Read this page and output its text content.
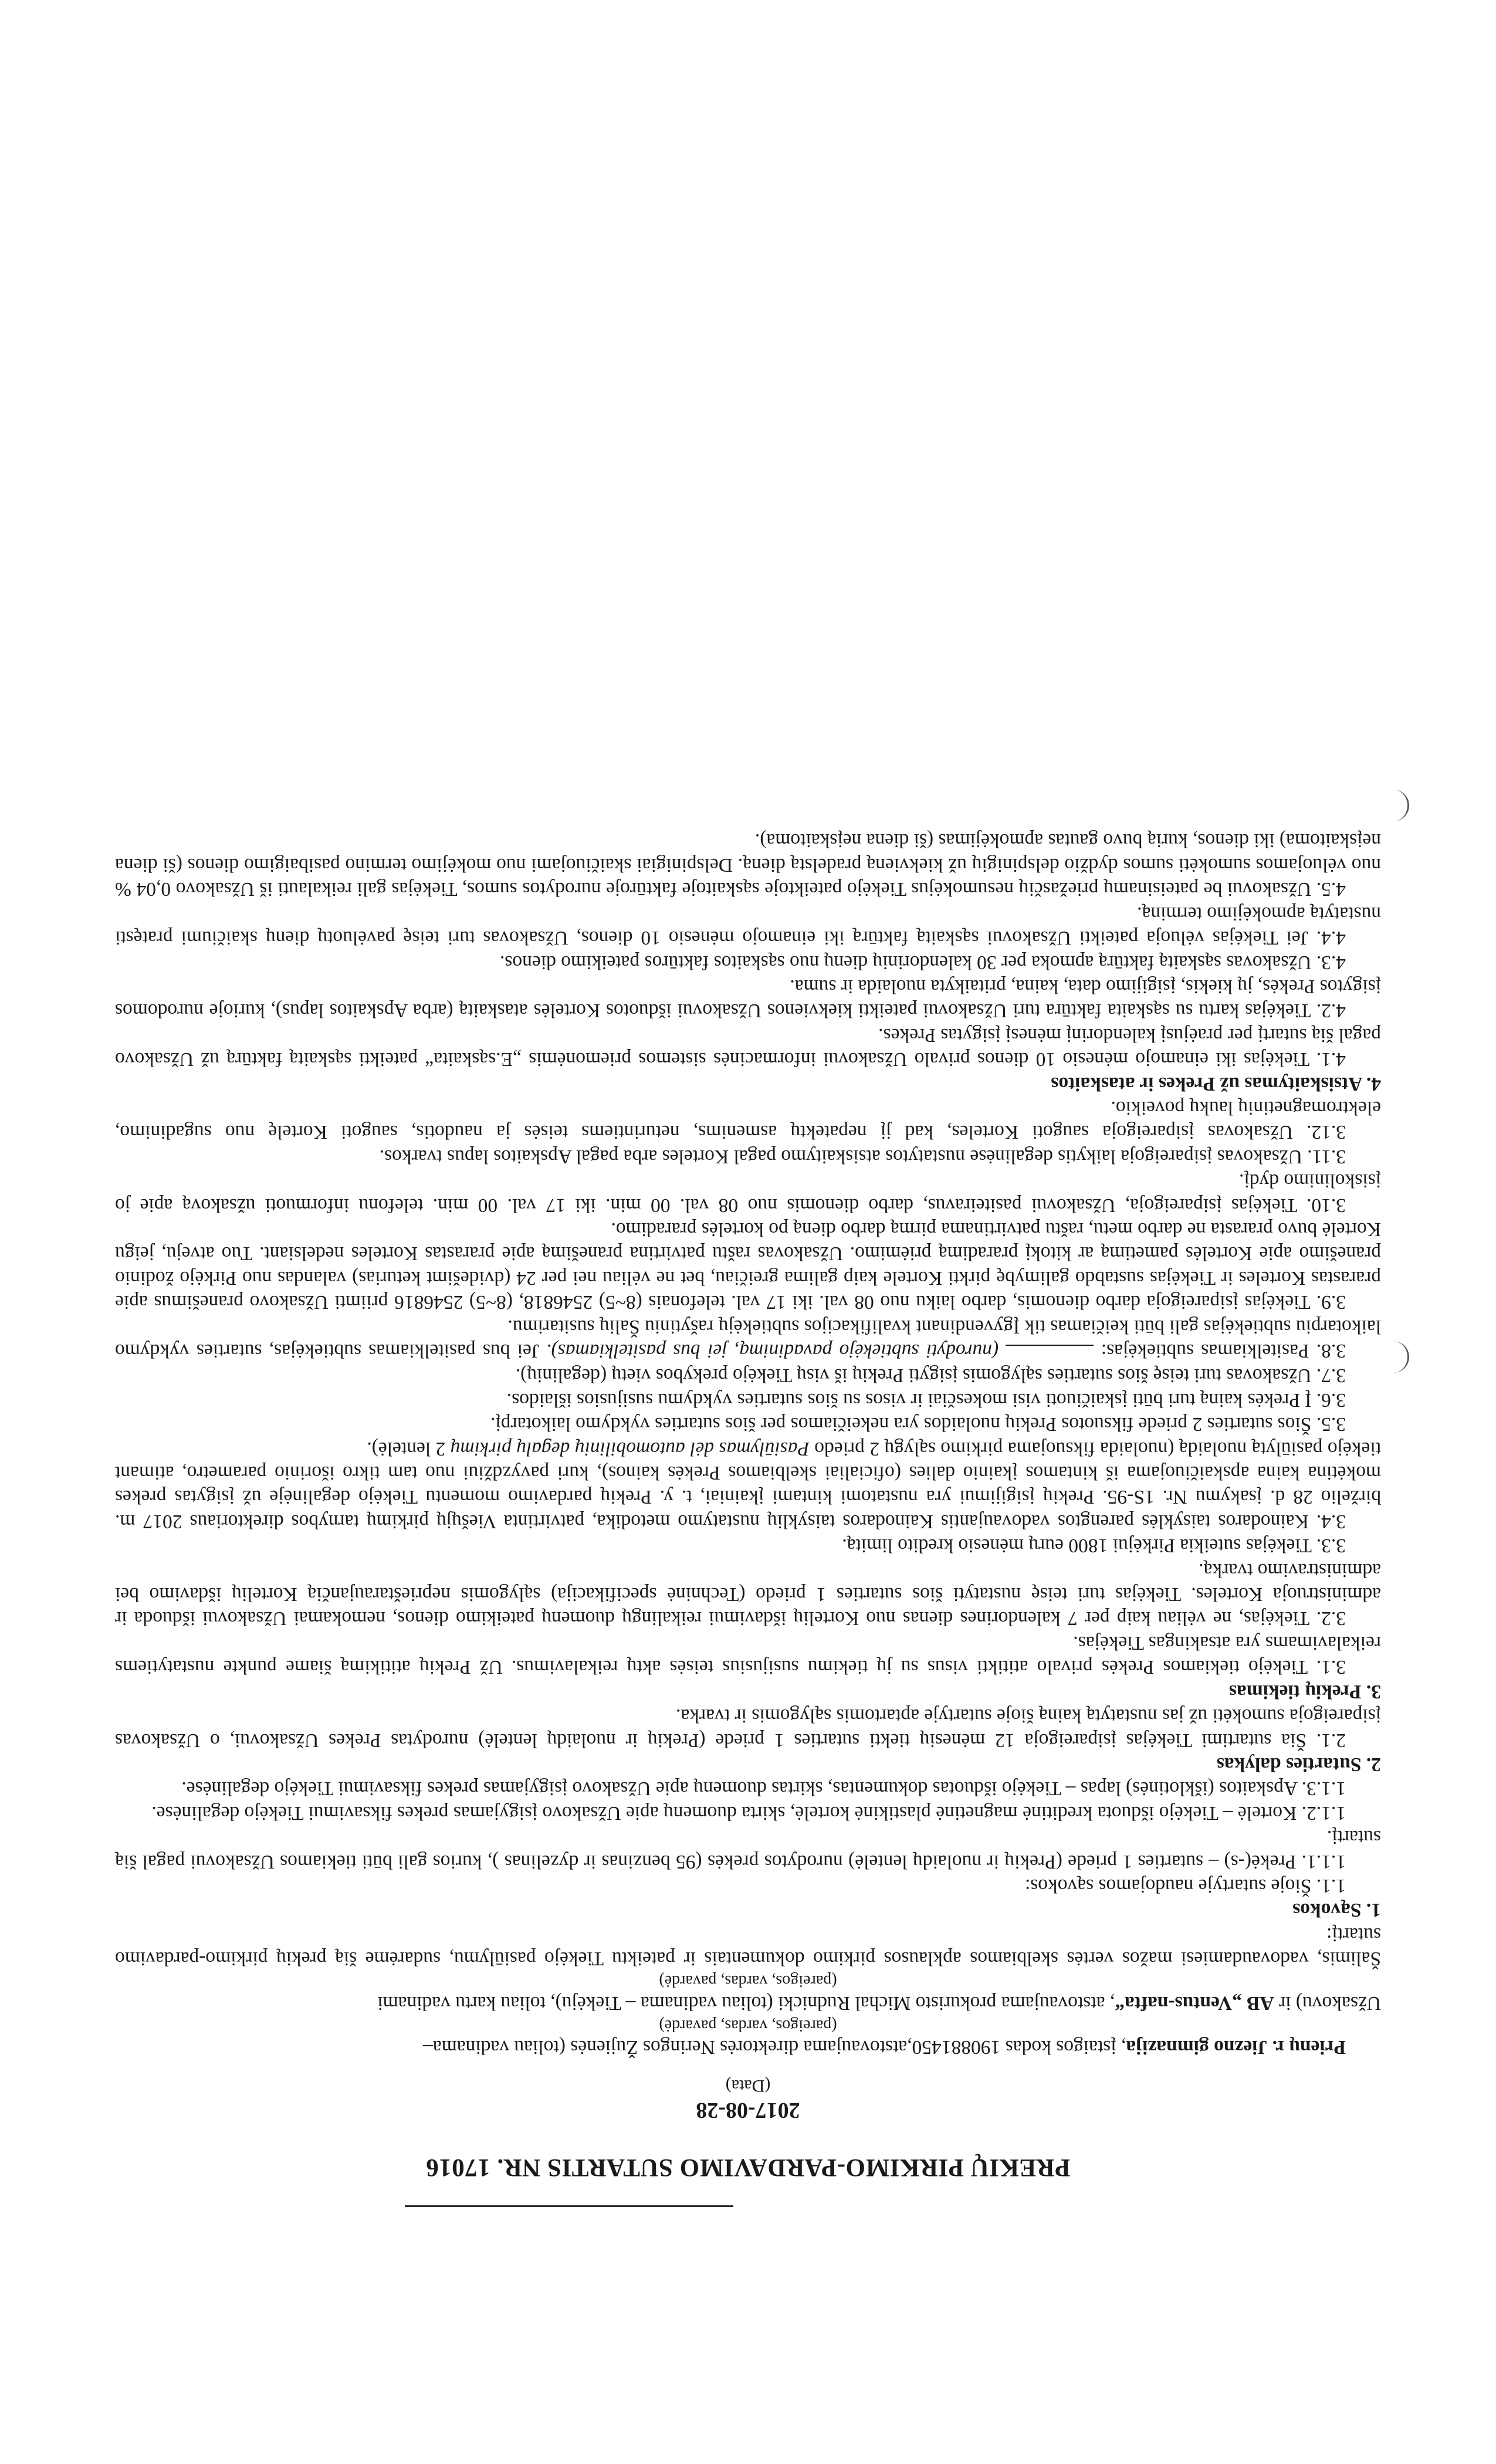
PREKIŲ PIRKIMO-PARDAVIMO SUTARTIS NR. 17016
2017-08-28
(Data)

Prienų r. Jiezno gimnazija, įstaigos kodas 190881450,atstovaujama direktorės Neringos Žujienės (toliau vadinama–

(pareigos, vardas, pavardė)

Užsakovu) ir AB „Ventus-nafta“, atstovaujama prokuristo Michal Rudnicki (toliau vadinama – Tiekėju), toliau kartu vadinami

(pareigos, vardas, pavardė)

Šalimis, vadovaudamiesi mažos vertės skelbiamos apklausos pirkimo dokumentais ir pateiktu Tiekėjo pasiūlymu, sudarėme šią prekių pirkimo-pardavimo sutartį:

1. Sąvokos

1.1. Šioje sutartyje naudojamos sąvokos:

1.1.1. Prekė(-s) – sutarties 1 priede (Prekių ir nuolaidų lentelė) nurodytos prekės (95 benzinas ir dyzelinas ), kurios gali būti tiekiamos Užsakovui pagal šią sutartį.

1.1.2. Kortelė – Tiekėjo išduota kreditinė magnetinė plastikinė kortelė, skirta duomenų apie Užsakovo įsigyjamas prekes fiksavimui Tiekėjo degalinėse.

1.1.3. Apskaitos (išklotinės) lapas – Tiekėjo išduotas dokumentas, skirtas duomenų apie Užsakovo įsigyjamas prekes fiksavimui Tiekėjo degalinėse.

2. Sutarties dalykas

2.1. Šia sutartimi Tiekėjas įsipareigoja 12 mėnesių tiekti sutarties 1 priede (Prekių ir nuolaidų lentelė) nurodytas Prekes Užsakovui, o Užsakovas įsipareigoja sumokėti už jas nustatytą kainą šioje sutartyje aptartomis sąlygomis ir tvarka.

3. Prekių tiekimas

3.1. Tiekėjo tiekiamos Prekės privalo atitikti visus su jų tiekimu susijusius teisės aktų reikalavimus. Už Prekių atitikimą šiame punkte nustatytiems reikalavimams yra atsakingas Tiekėjas.

3.2. Tiekėjas, ne vėliau kaip per 7 kalendorines dienas nuo Kortelių išdavimui reikalingų duomenų pateikimo dienos, nemokamai Užsakovui išduoda ir administruoja Korteles. Tiekėjas turi teisę nustatyti šios sutarties 1 priedo (Techninė specifikacija) sąlygomis neprieštaraujančią Kortelių išdavimo bei administravimo tvarką.

3.3. Tiekėjas suteikia Pirkėjui 1800 eurų mėnesio kredito limitą.

3.4. Kainodaros taisyklės parengtos vadovaujantis Kainodaros taisyklių nustatymo metodika, patvirtinta Viešųjų pirkimų tarnybos direktoriaus 2017 m. birželio 28 d. įsakymu Nr. 1S-95. Prekių įsigijimui yra nustatomi kintami įkainiai, t. y. Prekių pardavimo momentu Tiekėjo degalinėje už įsigytas prekes mokėtina kaina apskaičiuojama iš kintamos įkainio dalies (oficialiai skelbiamos Prekės kainos), kuri pavyzdžiui nuo tam tikro išorinio parametro, atimant tiekėjo pasiūlytą nuolaidą (nuolaida fiksuojama pirkimo sąlygų 2 priedo Pasiūlymas dėl automobilinių degalų pirkimų 2 lentelė).

3.5. Šios sutarties 2 priede fiksuotos Prekių nuolaidos yra nekeičiamos per šios sutarties vykdymo laikotarpį.

3.6. Į Prekės kainą turi būti įskaičiuoti visi mokesčiai ir visos su šios sutarties vykdymu susijusios išlaidos.

3.7. Užsakovas turi teisę šios sutarties sąlygomis įsigyti Prekių iš visų Tiekėjo prekybos vietų (degalinių).

3.8. Pasitelkiamas subtiekėjas:  (nurodyti subtiekėjo pavadinimą, jei bus pasitelkiamas). Jei bus pasitelkiamas subtiekėjas, sutarties vykdymo laikotarpiu subtiekėjas gali būti keičiamas tik Įgyvendinant kvalifikacijos subtiekėjų rašytiniu Šalių susitarimu.

3.9. Tiekėjas įsipareigoja darbo dienomis, darbo laiku nuo 08 val. iki 17 val. telefonais (8~5) 2546818, (8~5) 2546816 priimti Užsakovo pranešimus apie prarastas Korteles ir Tiekėjas sustabdo galimybę pirkti Kortele kaip galima greičiau, bet ne vėliau nei per 24 (dvidešimt keturias) valandas nuo Pirkėjo žodinio pranešimo apie Kortelės pametimą ar kitokį praradimą priėmimo. Užsakovas raštu patvirtina pranešimą apie prarastas Korteles nedelsiant. Tuo atveju, jeigu Kortelė buvo prarasta ne darbo metu, raštu patvirtinama pirmą darbo dieną po kortelės praradimo.

3.10. Tiekėjas įsipareigoja, Užsakovui pasiteiravus, darbo dienomis nuo 08 val. 00 min. iki 17 val. 00 min. telefonu informuoti užsakovą apie jo įsiskolinimo dydį.

3.11. Užsakovas įsipareigoja laikytis degalinėse nustatytos atsiskaitymo pagal Korteles arba pagal Apskaitos lapus tvarkos.

3.12. Užsakovas įsipareigoja saugoti Korteles, kad jį nepatektų asmenims, neturintiems teisės ja naudotis, saugoti Kortelę nuo sugadinimo, elektromagnetinių laukų poveikio.

4. Atsiskaitymas už Prekes ir ataskaitos

4.1. Tiekėjas iki einamojo mėnesio 10 dienos privalo Užsakovui informacinės sistemos priemonėmis „E.sąskaita“ pateikti sąskaitą faktūrą už Užsakovo pagal šią sutartį per praėjusį kalendorinį mėnesį įsigytas Prekes.

4.2. Tiekėjas kartu su sąskaita faktūra turi Užsakovui pateikti kiekvienos Užsakovui išduotos Kortelės ataskaitą (arba Apskaitos lapus), kurioje nurodomos įsigytos Prekės, jų kiekis, įsigijimo data, kaina, pritaikyta nuolaida ir suma.

4.3. Užsakovas sąskaitą faktūrą apmoka per 30 kalendorinių dienų nuo sąskaitos faktūros pateikimo dienos.

4.4. Jei Tiekėjas vėluoja pateikti Užsakovui sąskaitą faktūrą iki einamojo mėnesio 10 dienos, Užsakovas turi teisę pavėluotų dienų skaičiumi pratęsti nustatytą apmokėjimo terminą.

4.5. Užsakovui be pateisinamų priežasčių nesumokėjus Tiekėjo pateiktoje sąskaitoje faktūroje nurodytos sumos, Tiekėjas gali reikalauti iš Užsakovo 0,04 % nuo vėluojamos sumokėti sumos dydžio delspinigių už kiekvieną pradelstą dieną. Delspinigiai skaičiuojami nuo mokėjimo termino pasibaigimo dienos (ši diena neįskaitoma) iki dienos, kurią buvo gautas apmokėjimas (ši diena neįskaitoma).
